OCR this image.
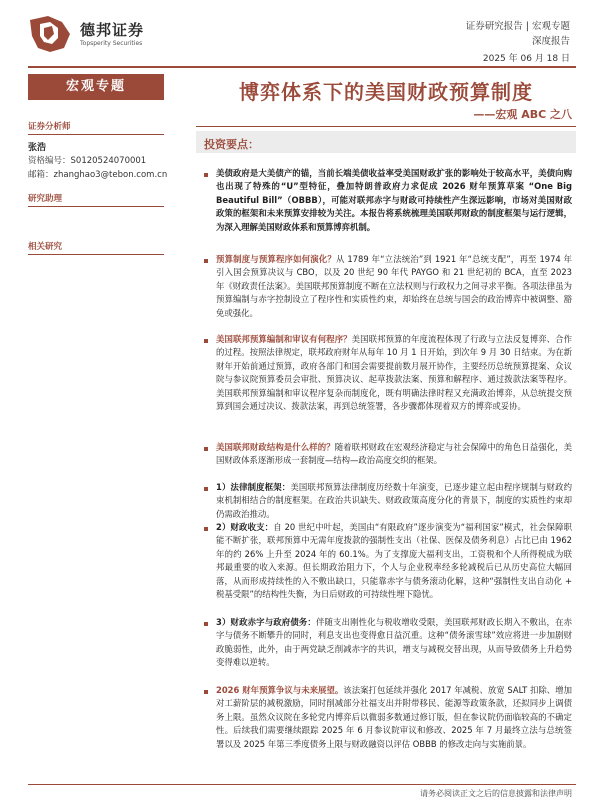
德邦证券
Topsperity Securities
证券研究报告 | 宏观专题
深度报告
2025 年 06 月 18 日
宏观专题
证券分析师
张浩
资格编号：S0120524070001
邮箱：zhanghao3@tebon.com.cn
研究助理
相关研究
博弈体系下的美国财政预算制度
——宏观 ABC 之八
投资要点：

美债政府是大美债产的锚，当前长端美债收益率受美国财政扩张的影响处于较高水平，美债向购也出现了特殊的“U”型特征，叠加特朗普政府力求促成 2026 财年预算草案 “One Big Beautiful Bill”（OBBB），可能对联邦赤字与财政可持续性产生深远影响，市场对美国财政政策的框架和未来预算安排较为关注。本报告将系统梳理美国联邦财政的制度框架与运行逻辑，为深入理解美国财政体系和预算博弈机制。

预算制度与预算程序如何演化？从 1789 年“立法统治”到 1921 年“总统支配”，再至 1974 年引入国会预算决议与 CBO，以及 20 世纪 90 年代 PAYGO 和 21 世纪初的 BCA，直至 2023 年《财政责任法案》。美国联邦预算制度不断在立法权则与行政权力之间寻求平衡。各项法律虽为预算编制与赤字控制设立了程序性和实质性约束，却始终在总统与国会的政治博弈中被调整、豁免或强化。

美国联邦预算编制和审议有何程序？美国联邦预算的年度流程体现了行政与立法反复博弈、合作的过程。按照法律规定，联邦政府财年从每年 10 月 1 日开始，到次年 9 月 30 日结束。为在新财年开始前通过预算，政府各部门和国会需要提前数月展开协作，主要经历总统预算提案、众议院与参议院预算委员会审批、预算决议、起草拨款法案、预算和解程序、通过拨款法案等程序。美国联邦预算编制和审议程序复杂而制度化，既有明确法律时程又充满政治博弈，从总统提交预算到国会通过决议、拨款法案，再到总统签署，各步骤都体现着双方的博弈或妥协。

美国联邦财政结构是什么样的？随着联邦财政在宏观经济稳定与社会保障中的角色日益强化，美国财政体系逐渐形成一套制度—结构—政治高度交织的框架。

1）法律制度框架：美国联邦预算法律制度历经数十年演变，已逐步建立起由程序规制与财政约束机制相结合的制度框架。在政治共识缺失、财政政策高度分化的背景下，制度的实质性约束却仍需政治推动。

2）财政收支：自 20 世纪中叶起，美国由“有限政府”逐步演变为“福利国家”模式，社会保障职能不断扩张，联邦预算中无需年度拨款的强制性支出（社保、医保及债务利息）占比已由 1962 年的约 26% 上升至 2024 年的 60.1%。为了支撑庞大福利支出，工资税和个人所得税成为联邦最重要的收入来源。但长期政治阻力下，个人与企业税率经多轮减税后已从历史高位大幅回落，从而形成持续性的入不敷出缺口，只能靠赤字与债务滚动化解，这种“强制性支出自动化 + 税基受限”的结构性失衡，为日后财政的可持续性埋下隐忧。

3）财政赤字与政府债务：伴随支出刚性化与税收增收受限，美国联邦财政长期入不敷出，在赤字与债务不断攀升的同时，利息支出也变得愈日益沉重。这种“债务滚雪球”效应将进一步加剧财政脆弱性，此外，由于两党缺乏削减赤字的共识，增支与减税交替出现，从而导致债务上升趋势变得难以逆转。

2026 财年预算争议与未来展望。该法案打包延续并强化 2017 年减税、放宽 SALT 扣除、增加对工薪阶层的减税激励，同时削减部分社福支出并附带移民、能源等政策条款，还拟同步上调债务上限。虽然众议院在多轮党内博弈后以微弱多数通过修订版，但在参议院仍面临较高的不确定性。后续我们需要继续跟踪 2025 年 6 月参议院审议和修改、2025 年 7 月最终立法与总统签署以及 2025 年第三季度债务上限与财政融资以评估 OBBB 的修改走向与实施前景。

请务必阅读正文之后的信息披露和法律声明
